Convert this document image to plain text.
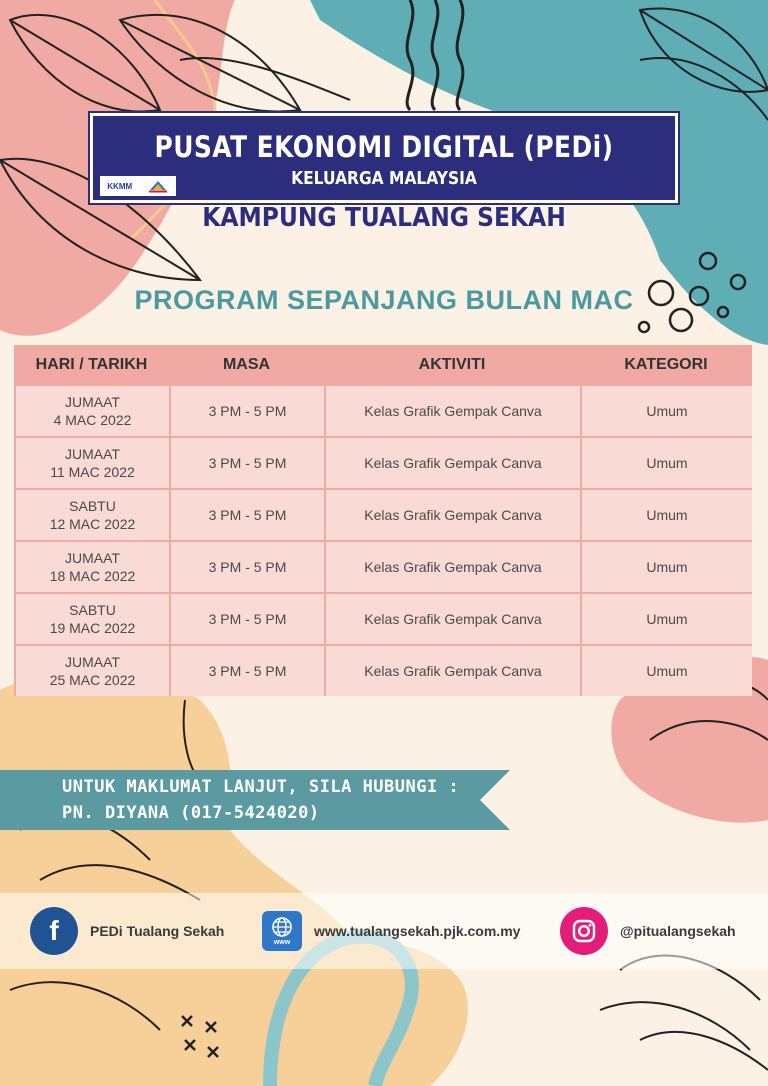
PUSAT EKONOMI DIGITAL (PEDi)
KELUARGA MALAYSIA
KKMM
KAMPUNG TUALANG SEKAH
PROGRAM SEPANJANG BULAN MAC
HARI / TARIKH	MASA	AKTIVITI	KATEGORI
JUMAAT
4 MAC 2022
3 PM - 5 PM	Kelas Grafik Gempak Canva	Umum
JUMAAT
11 MAC 2022
3 PM - 5 PM	Kelas Grafik Gempak Canva	Umum
SABTU
12 MAC 2022
3 PM - 5 PM	Kelas Grafik Gempak Canva	Umum
JUMAAT
18 MAC 2022
3 PM - 5 PM	Kelas Grafik Gempak Canva	Umum
SABTU
19 MAC 2022
3 PM - 5 PM	Kelas Grafik Gempak Canva	Umum
JUMAAT
25 MAC 2022
3 PM - 5 PM	Kelas Grafik Gempak Canva	Umum
UNTUK MAKLUMAT LANJUT, SILA HUBUNGI :
PN. DIYANA (017-5424020)
f	PEDi Tualang Sekah
www
www.tualangsekah.pjk.com.my	@pitualangsekah
